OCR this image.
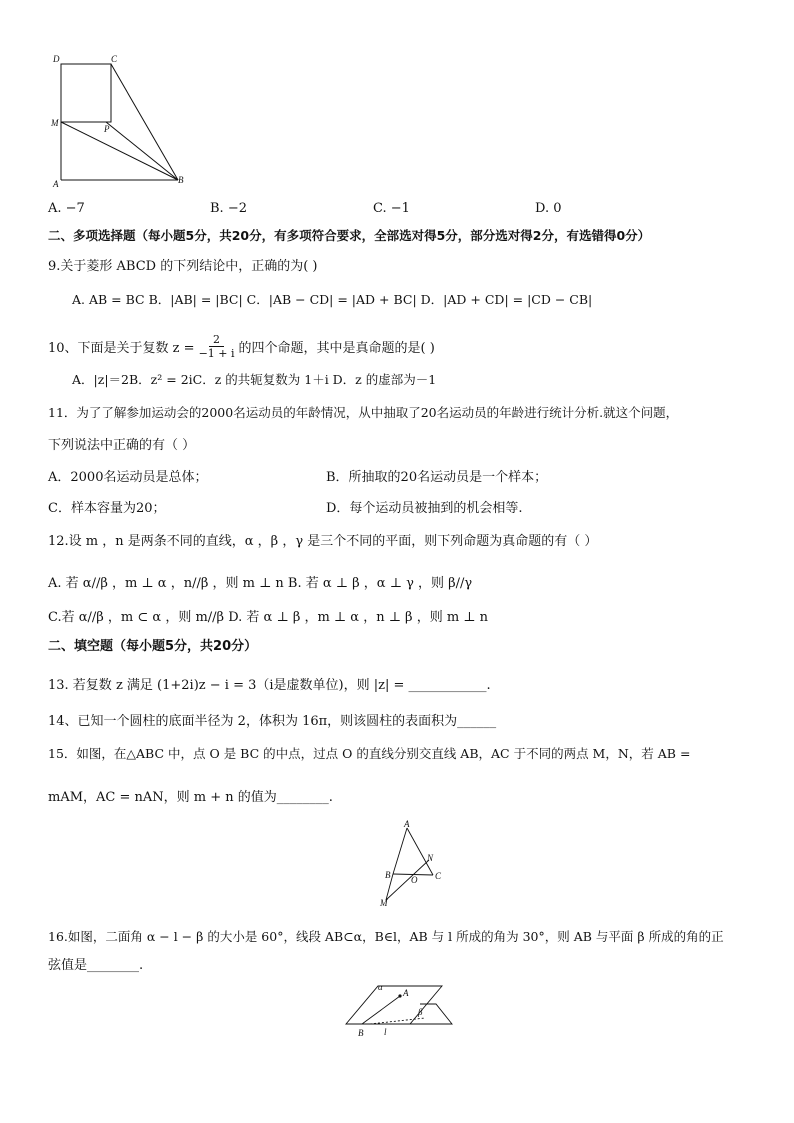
D	C
M
P
A	B
A. −7	B. −2	C. −1	D. 0
二、多项选择题（每小题5分，共20分，有多项符合要求，全部选对得5分，部分选对得2分，有选错得0分）
9.关于菱形 ABCD 的下列结论中，正确的为( )
A. AB = BC B．|AB| = |BC| C．|AB − CD| = |AD + BC| D．|AD + CD| = |CD − CB|
10、下面是关于复数 $z = \frac{2}{-1 + i}$ 的四个命题，其中是真命题的是( )
A．|z|＝2B．z² = 2iC．z 的共轭复数为 1＋i D．z 的虚部为－1
11．为了了解参加运动会的2000名运动员的年龄情况，从中抽取了20名运动员的年龄进行统计分析.就这个问题，
下列说法中正确的有（ ）
A．2000名运动员是总体；	B．所抽取的20名运动员是一个样本；
C．样本容量为20；	D．每个运动员被抽到的机会相等.
12.设 m ，n 是两条不同的直线，α ，β ，γ 是三个不同的平面，则下列命题为真命题的有（ ）
A. 若 α//β ，m ⊥ α ，n//β ，则 m ⊥ n B. 若 α ⊥ β ，α ⊥ γ ，则 β//γ
C.若 α//β ，m ⊂ α ，则 m//β D. 若 α ⊥ β ，m ⊥ α ，n ⊥ β ，则 m ⊥ n
二、填空题（每小题5分，共20分）
13. 若复数 z 满足 (1+2i)z − i = 3（i是虚数单位)，则 |z| = ____________.
14、已知一个圆柱的底面半径为 2，体积为 16π，则该圆柱的表面积为______
15．如图，在△ABC 中，点 O 是 BC 的中点，过点 O 的直线分别交直线 AB，AC 于不同的两点 M，N，若 AB =
mAM，AC = nAN，则 m + n 的值为________.
A
N
B O C
M
16.如图，二面角 α − l − β 的大小是 60°，线段 AB⊂α，B∈l，AB 与 l 所成的角为 30°，则 AB 与平面 β 所成的角的正
弦值是________.
α
A
β
B l
